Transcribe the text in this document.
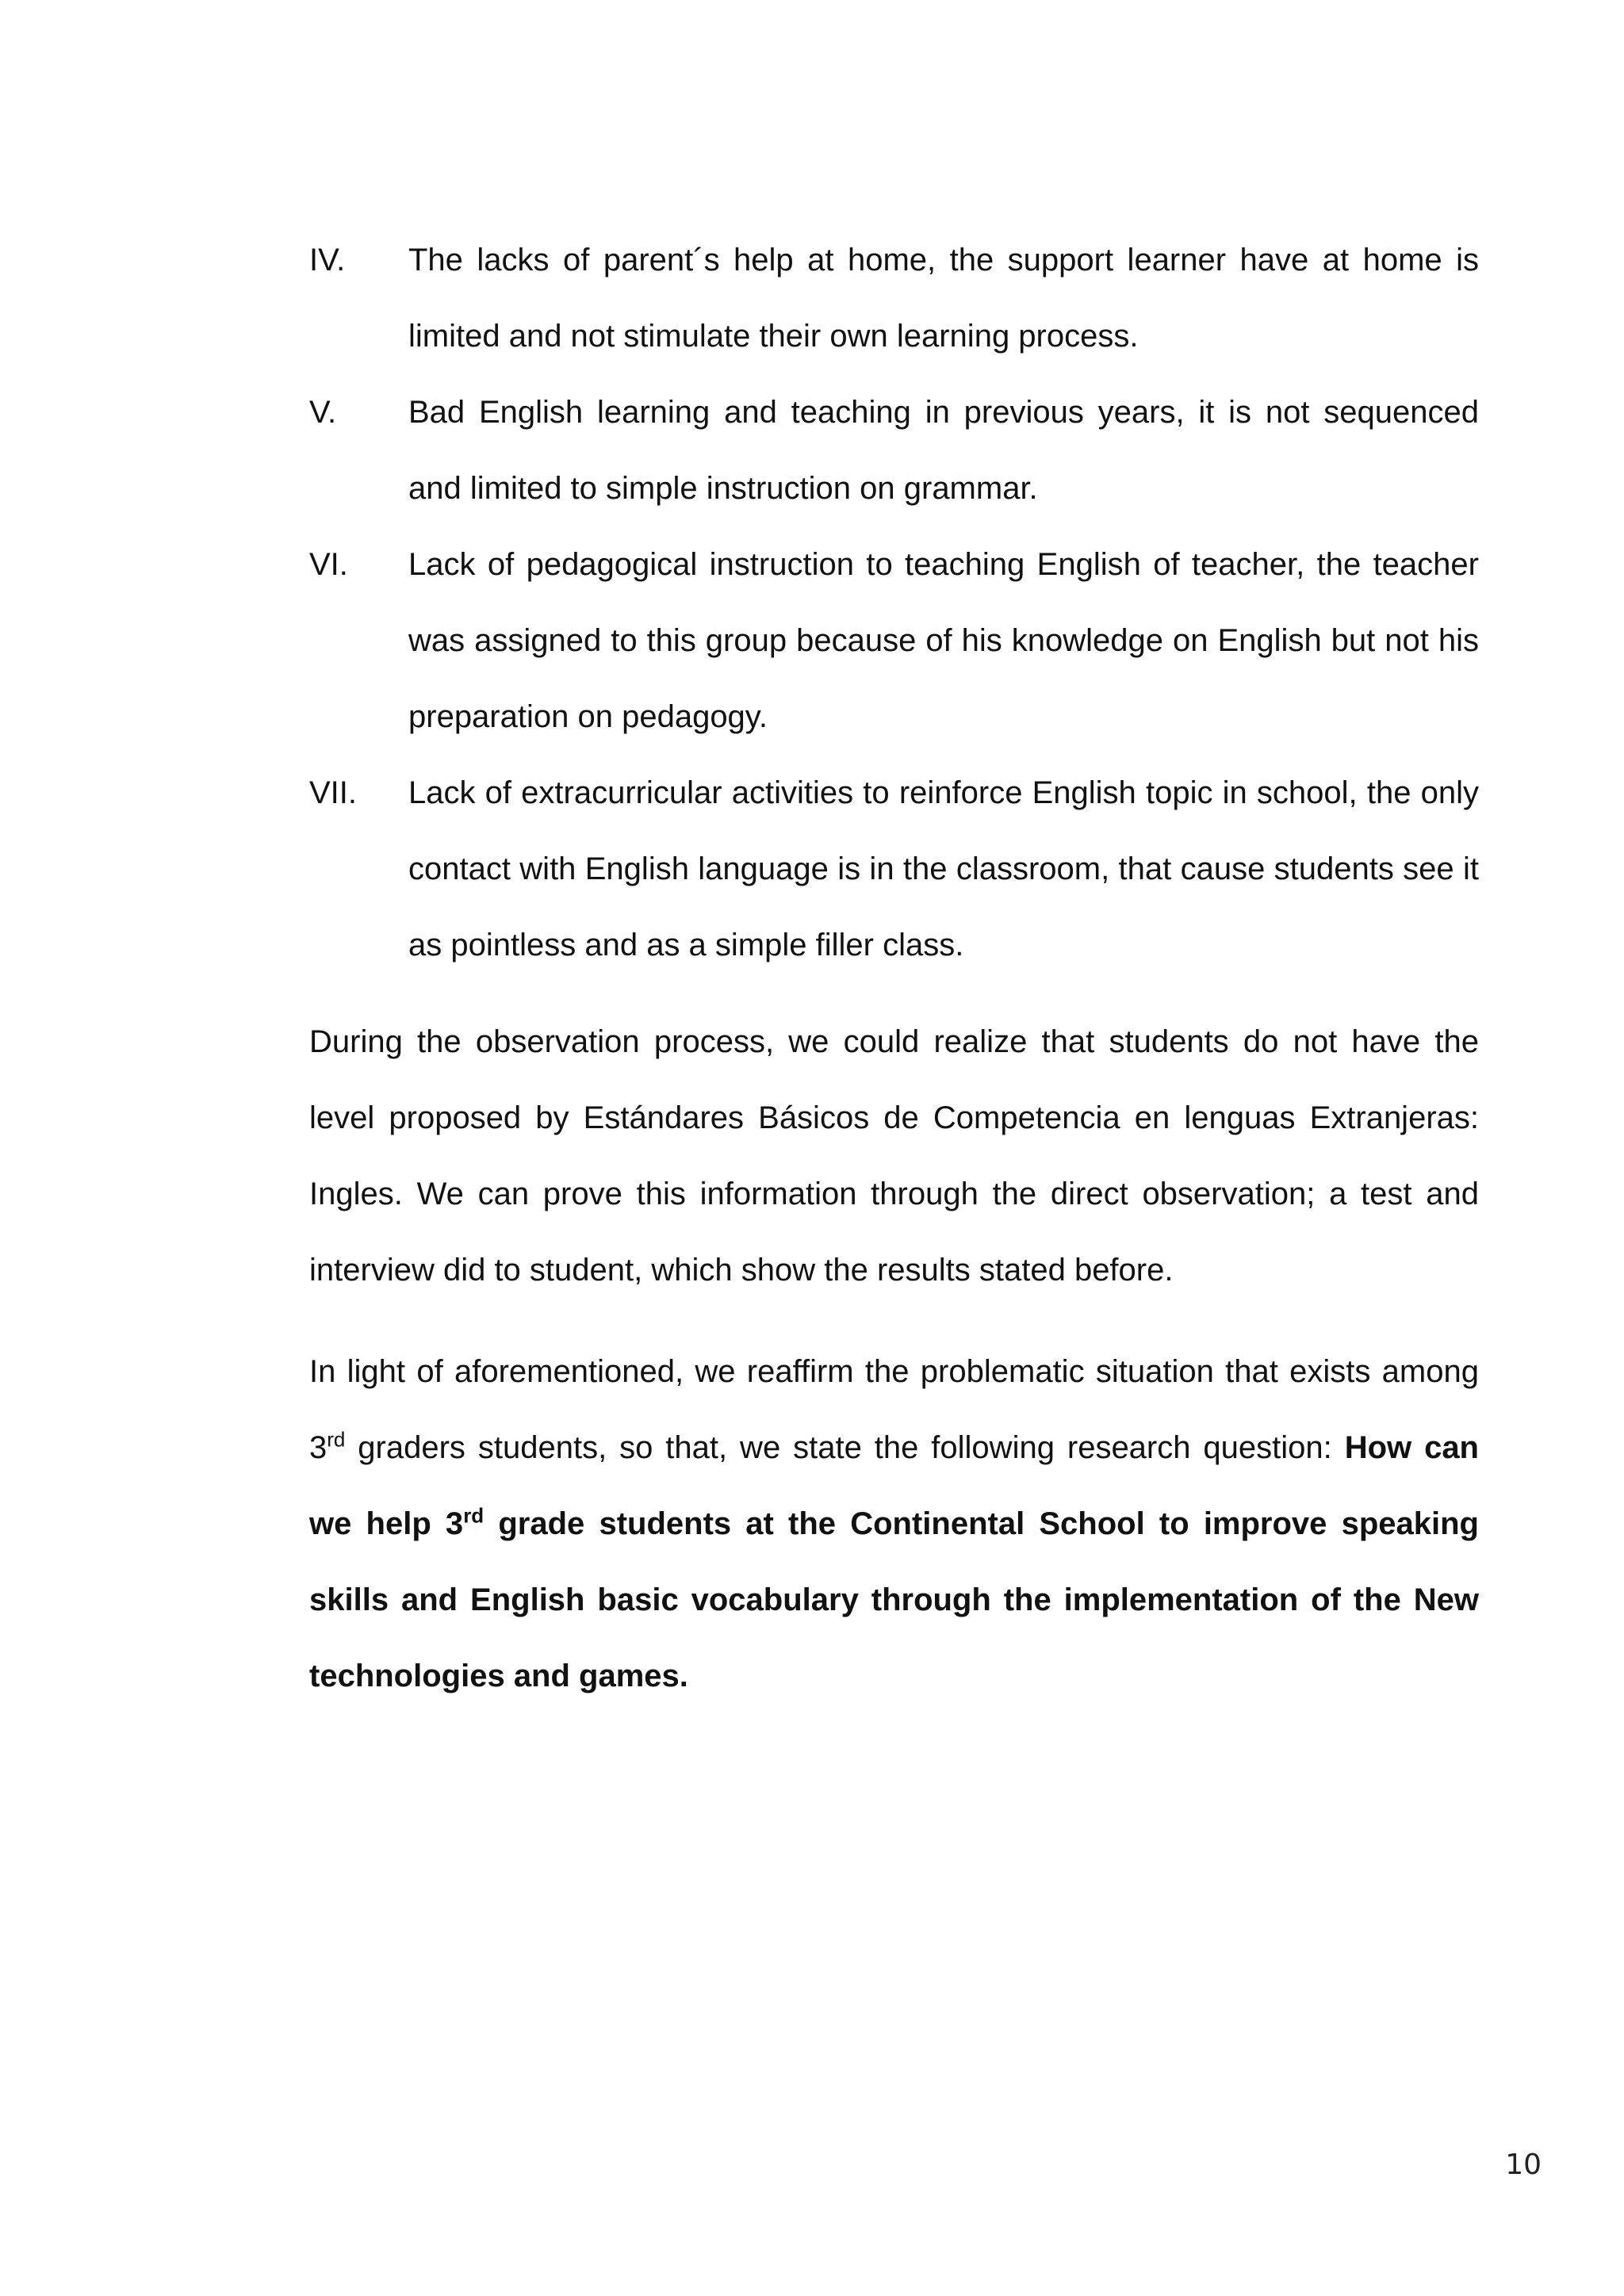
IV.	The lacks of parent´s help at home, the support learner have at home is limited and not stimulate their own learning process.
V.	Bad English learning and teaching in previous years, it is not sequenced and limited to simple instruction on grammar.
VI.	Lack of pedagogical instruction to teaching English of teacher, the teacher was assigned to this group because of his knowledge on English but not his preparation on pedagogy.
VII. Lack of extracurricular activities to reinforce English topic in school, the only contact with English language is in the classroom, that cause students see it as pointless and as a simple filler class.

During the observation process, we could realize that students do not have the level proposed by Estándares Básicos de Competencia en lenguas Extranjeras: Ingles. We can prove this information through the direct observation; a test and interview did to student, which show the results stated before.

In light of aforementioned, we reaffirm the problematic situation that exists among 3rd graders students, so that, we state the following research question: How can we help 3rd grade students at the Continental School to improve speaking skills and English basic vocabulary through the implementation of the New technologies and games.

10
